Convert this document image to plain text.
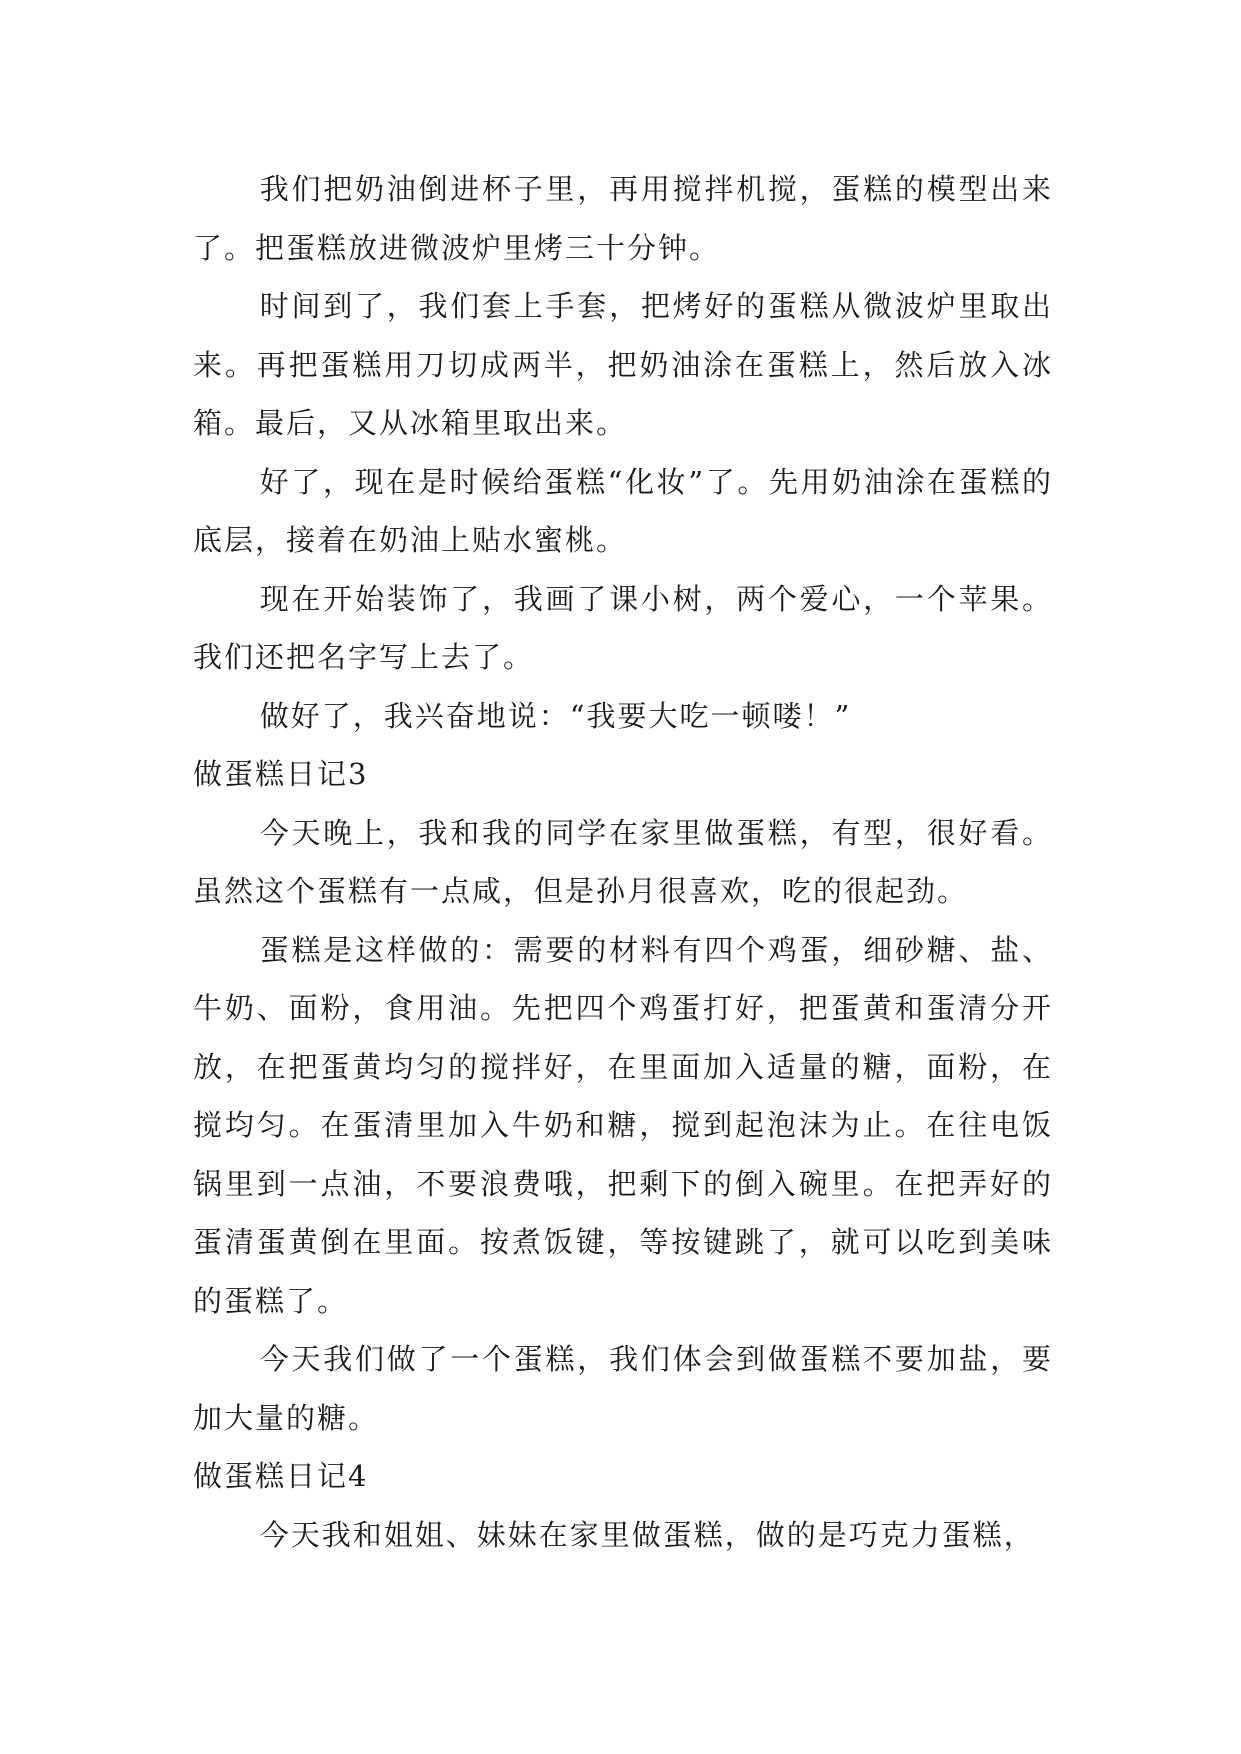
我们把奶油倒进杯子里，再用搅拌机搅，蛋糕的模型出来了。把蛋糕放进微波炉里烤三十分钟。

时间到了，我们套上手套，把烤好的蛋糕从微波炉里取出来。再把蛋糕用刀切成两半，把奶油涂在蛋糕上，然后放入冰箱。最后，又从冰箱里取出来。

好了，现在是时候给蛋糕“化妆”了。先用奶油涂在蛋糕的底层，接着在奶油上贴水蜜桃。

现在开始装饰了，我画了课小树，两个爱心，一个苹果。我们还把名字写上去了。

做好了，我兴奋地说：“我要大吃一顿喽！”

做蛋糕日记3

今天晚上，我和我的同学在家里做蛋糕，有型，很好看。虽然这个蛋糕有一点咸，但是孙月很喜欢，吃的很起劲。

蛋糕是这样做的：需要的材料有四个鸡蛋，细砂糖、盐、牛奶、面粉，食用油。先把四个鸡蛋打好，把蛋黄和蛋清分开放，在把蛋黄均匀的搅拌好，在里面加入适量的糖，面粉，在搅均匀。在蛋清里加入牛奶和糖，搅到起泡沫为止。在往电饭锅里到一点油，不要浪费哦，把剩下的倒入碗里。在把弄好的蛋清蛋黄倒在里面。按煮饭键，等按键跳了，就可以吃到美味的蛋糕了。

今天我们做了一个蛋糕，我们体会到做蛋糕不要加盐，要加大量的糖。

做蛋糕日记4

今天我和姐姐、妹妹在家里做蛋糕，做的是巧克力蛋糕，
